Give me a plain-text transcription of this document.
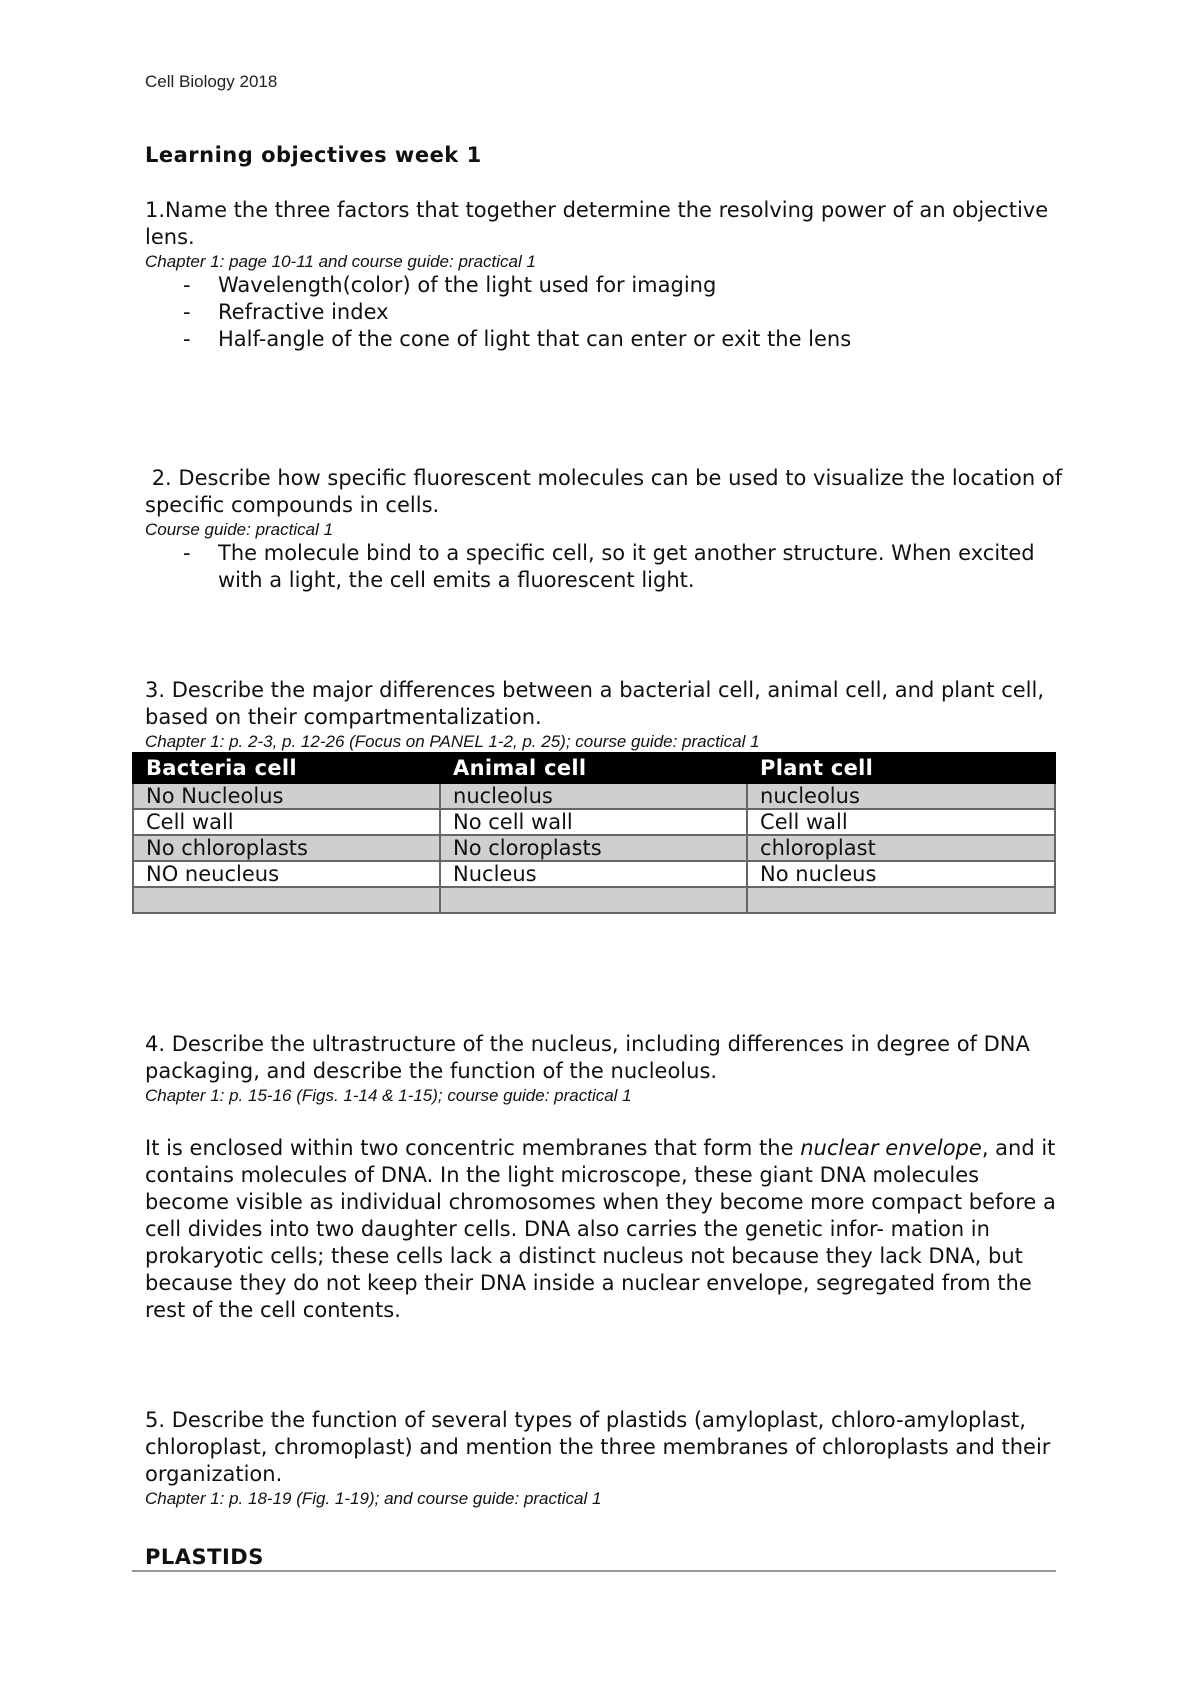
Cell Biology 2018
Learning objectives week 1

1.Name the three factors that together determine the resolving power of an objective lens.

Chapter 1: page 10-11 and course guide: practical 1

- Wavelength(color) of the light used for imaging
- Refractive index
- Half-angle of the cone of light that can enter or exit the lens

2. Describe how specific fluorescent molecules can be used to visualize the location of specific compounds in cells.

Course guide: practical 1

- The molecule bind to a specific cell, so it get another structure. When excited with a light, the cell emits a fluorescent light.

3. Describe the major differences between a bacterial cell, animal cell, and plant cell, based on their compartmentalization.

Chapter 1: p. 2-3, p. 12-26 (Focus on PANEL 1-2, p. 25); course guide: practical 1

Bacteria cell	Animal cell	Plant cell
No Nucleolus	nucleolus	nucleolus
Cell wall	No cell wall	Cell wall
No chloroplasts	No cloroplasts	chloroplast
NO neucleus	Nucleus	No nucleus

4. Describe the ultrastructure of the nucleus, including differences in degree of DNA packaging, and describe the function of the nucleolus.

Chapter 1: p. 15-16 (Figs. 1-14 & 1-15); course guide: practical 1

It is enclosed within two concentric membranes that form the nuclear envelope, and it contains molecules of DNA. In the light microscope, these giant DNA molecules become visible as individual chromosomes when they become more compact before a cell divides into two daughter cells. DNA also carries the genetic infor- mation in prokaryotic cells; these cells lack a distinct nucleus not because they lack DNA, but because they do not keep their DNA inside a nuclear envelope, segregated from the rest of the cell contents.

5. Describe the function of several types of plastids (amyloplast, chloro-amyloplast, chloroplast, chromoplast) and mention the three membranes of chloroplasts and their organization.

Chapter 1: p. 18-19 (Fig. 1-19); and course guide: practical 1

PLASTIDS
